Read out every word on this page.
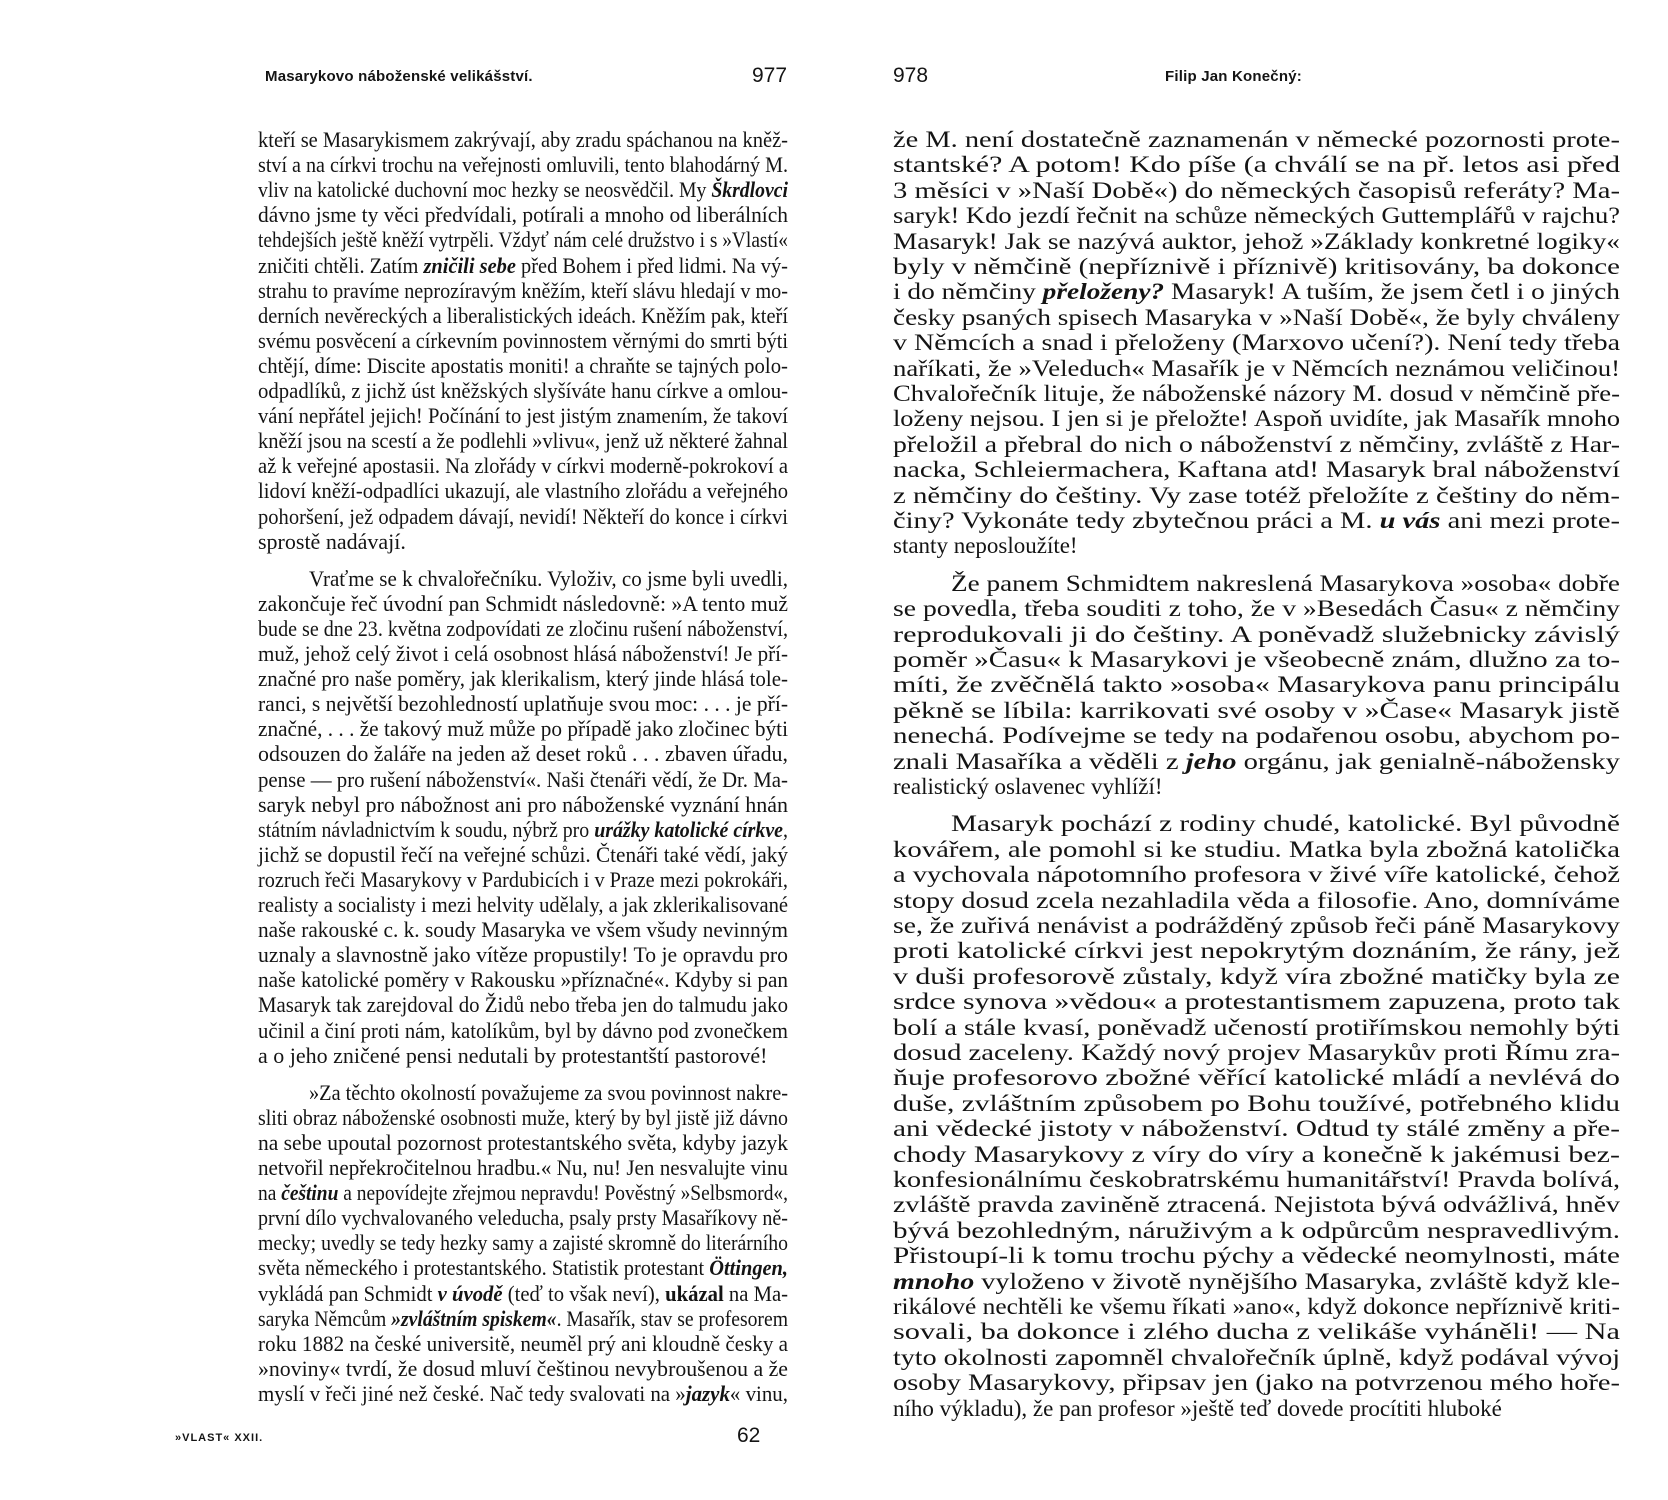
Masarykovo náboženské velikášství.	977
kteří se Masarykismem zakrývají, aby zradu spáchanou na kněž-
ství a na církvi trochu na veřejnosti omluvili, tento blahodárný M.
vliv na katolické duchovní moc hezky se neosvědčil. My Škrdlovci
dávno jsme ty věci předvídali, potírali a mnoho od liberálních
tehdejších ještě kněží vytrpěli. Vždyť nám celé družstvo i s »Vlastí«
zničiti chtěli. Zatím zničili sebe před Bohem i před lidmi. Na vý-
strahu to pravíme neprozíravým kněžím, kteří slávu hledají v mo-
derních nevěreckých a liberalistických ideách. Kněžím pak, kteří
svému posvěcení a církevním povinnostem věrnými do smrti býti
chtějí, díme: Discite apostatis moniti! a chraňte se tajných polo-
odpadlíků, z jichž úst kněžských slyšíváte hanu církve a omlou-
vání nepřátel jejich! Počínání to jest jistým znamením, že takoví
kněží jsou na scestí a že podlehli »vlivu«, jenž už některé žahnal
až k veřejné apostasii. Na zlořády v církvi moderně-pokrokoví a
lidoví kněží-odpadlíci ukazují, ale vlastního zlořádu a veřejného
pohoršení, jež odpadem dávají, nevidí! Někteří do konce i církvi
sprostě nadávají.
Vraťme se k chvalořečníku. Vyloživ, co jsme byli uvedli,
zakončuje řeč úvodní pan Schmidt následovně: »A tento muž
bude se dne 23. května zodpovídati ze zločinu rušení náboženství,
muž, jehož celý život i celá osobnost hlásá náboženství! Je pří-
značné pro naše poměry, jak klerikalism, který jinde hlásá tole-
ranci, s největší bezohledností uplatňuje svou moc: . . . je pří-
značné, . . . že takový muž může po případě jako zločinec býti
odsouzen do žaláře na jeden až deset roků . . . zbaven úřadu,
pense — pro rušení náboženství«. Naši čtenáři vědí, že Dr. Ma-
saryk nebyl pro nábožnost ani pro náboženské vyznání hnán
státním návladnictvím k soudu, nýbrž pro urážky katolické církve,
jichž se dopustil řečí na veřejné schůzi. Čtenáři také vědí, jaký
rozruch řeči Masarykovy v Pardubicích i v Praze mezi pokrokáři,
realisty a socialisty i mezi helvity udělaly, a jak zklerikalisované
naše rakouské c. k. soudy Masaryka ve všem všudy nevinným
uznaly a slavnostně jako vítěze propustily! To je opravdu pro
naše katolické poměry v Rakousku »příznačné«. Kdyby si pan
Masaryk tak zarejdoval do Židů nebo třeba jen do talmudu jako
učinil a činí proti nám, katolíkům, byl by dávno pod zvonečkem
a o jeho zničené pensi nedutali by protestantští pastorové!
»Za těchto okolností považujeme za svou povinnost nakre-
sliti obraz náboženské osobnosti muže, který by byl jistě již dávno
na sebe upoutal pozornost protestantského světa, kdyby jazyk
netvořil nepřekročitelnou hradbu.« Nu, nu! Jen nesvalujte vinu
na češtinu a nepovídejte zřejmou nepravdu! Pověstný »Selbsmord«,
první dílo vychvalovaného veleducha, psaly prsty Masaříkovy ně-
mecky; uvedly se tedy hezky samy a zajisté skromně do literárního
světa německého i protestantského. Statistik protestant Öttingen,
vykládá pan Schmidt v úvodě (teď to však neví), ukázal na Ma-
saryka Němcům »zvláštním spiskem«. Masařík, stav se profesorem
roku 1882 na české universitě, neuměl prý ani kloudně česky a
»noviny« tvrdí, že dosud mluví češtinou nevybroušenou a že
myslí v řeči jiné než české. Nač tedy svalovati na »jazyk« vinu,
»VLAST« XXII.	62
978	Filip Jan Konečný:
že M. není dostatečně zaznamenán v německé pozornosti prote-
stantské? A potom! Kdo píše (a chválí se na př. letos asi před
3 měsíci v »Naší Době«) do německých časopisů referáty? Ma-
saryk! Kdo jezdí řečnit na schůze německých Guttemplářů v rajchu?
Masaryk! Jak se nazývá auktor, jehož »Základy konkretné logiky«
byly v němčině (nepříznivě i příznivě) kritisovány, ba dokonce
i do němčiny přeloženy? Masaryk! A tuším, že jsem četl i o jiných
česky psaných spisech Masaryka v »Naší Době«, že byly chváleny
v Němcích a snad i přeloženy (Marxovo učení?). Není tedy třeba
naříkati, že »Veleduch« Masařík je v Němcích neznámou veličinou!
Chvalořečník lituje, že náboženské názory M. dosud v němčině pře-
loženy nejsou. I jen si je přeložte! Aspoň uvidíte, jak Masařík mnoho
přeložil a přebral do nich o náboženství z němčiny, zvláště z Har-
nacka, Schleiermachera, Kaftana atd! Masaryk bral náboženství
z němčiny do češtiny. Vy zase totéž přeložíte z češtiny do něm-
činy? Vykonáte tedy zbytečnou práci a M. u vás ani mezi prote-
stanty neposloužíte!
Že panem Schmidtem nakreslená Masarykova »osoba« dobře
se povedla, třeba souditi z toho, že v »Besedách Času« z němčiny
reprodukovali ji do češtiny. A poněvadž služebnicky závislý
poměr »Času« k Masarykovi je všeobecně znám, dlužno za to-
míti, že zvěčnělá takto »osoba« Masarykova panu principálu
pěkně se líbila: karrikovati své osoby v »Čase« Masaryk jistě
nenechá. Podívejme se tedy na podařenou osobu, abychom po-
znali Masaříka a věděli z jeho orgánu, jak genialně-nábožensky
realistický oslavenec vyhlíží!
Masaryk pochází z rodiny chudé, katolické. Byl původně
kovářem, ale pomohl si ke studiu. Matka byla zbožná katolička
a vychovala nápotomního profesora v živé víře katolické, čehož
stopy dosud zcela nezahladila věda a filosofie. Ano, domníváme
se, že zuřivá nenávist a podrážděný způsob řeči páně Masarykovy
proti katolické církvi jest nepokrytým doznáním, že rány, jež
v duši profesorově zůstaly, když víra zbožné matičky byla ze
srdce synova »vědou« a protestantismem zapuzena, proto tak
bolí a stále kvasí, poněvadž učeností protiřímskou nemohly býti
dosud zaceleny. Každý nový projev Masarykův proti Římu zra-
ňuje profesorovo zbožné věřící katolické mládí a nevlévá do
duše, zvláštním způsobem po Bohu toužívé, potřebného klidu
ani vědecké jistoty v náboženství. Odtud ty stálé změny a pře-
chody Masarykovy z víry do víry a konečně k jakémusi bez-
konfesionálnímu českobratrskému humanitářství! Pravda bolívá,
zvláště pravda zaviněně ztracená. Nejistota bývá odvážlivá, hněv
bývá bezohledným, náruživým a k odpůrcům nespravedlivým.
Přistoupí-li k tomu trochu pýchy a vědecké neomylnosti, máte
mnoho vyloženo v životě nynějšího Masaryka, zvláště když kle-
rikálové nechtěli ke všemu říkati »ano«, když dokonce nepříznivě kriti-
sovali, ba dokonce i zlého ducha z velikáše vyháněli! — Na
tyto okolnosti zapomněl chvalořečník úplně, když podával vývoj
osoby Masarykovy, připsav jen (jako na potvrzenou mého hoře-
ního výkladu), že pan profesor »ještě teď dovede procítiti hluboké
